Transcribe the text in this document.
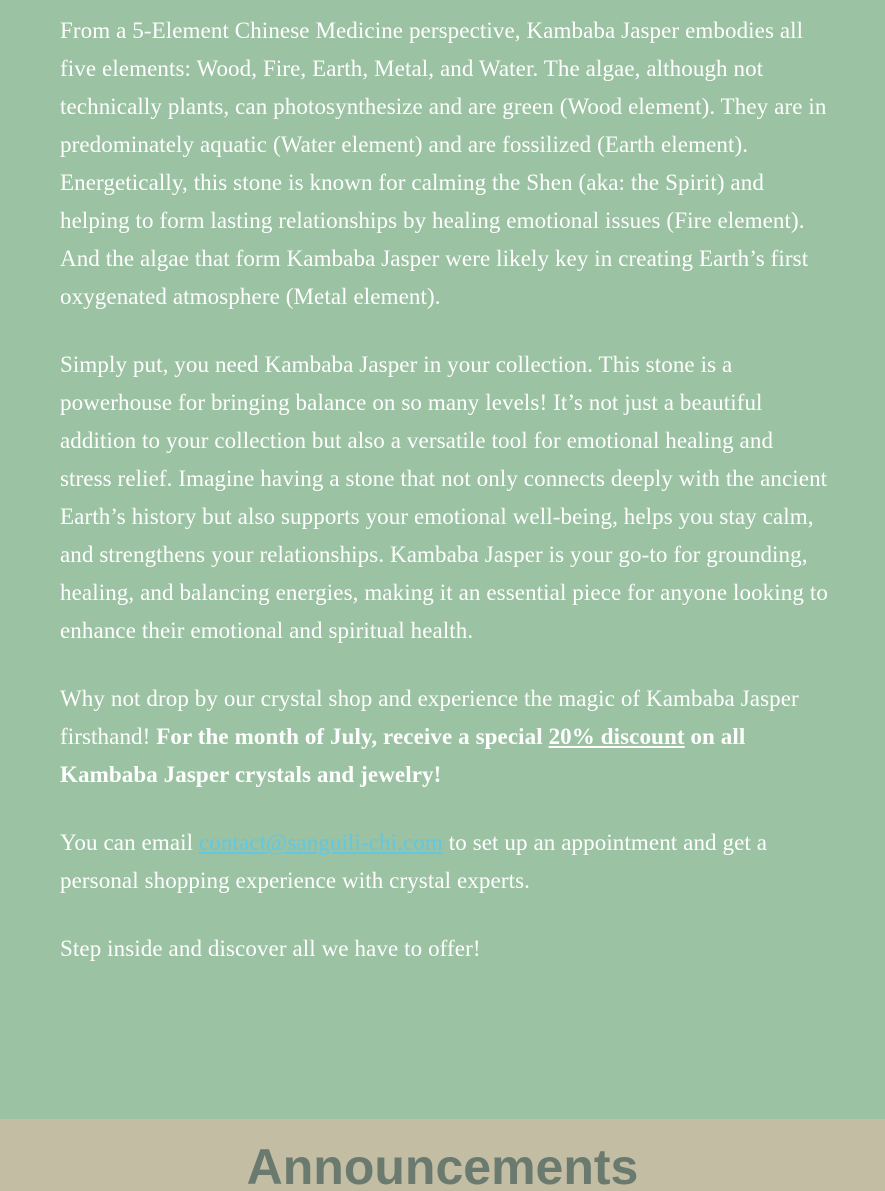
From a 5-Element Chinese Medicine perspective, Kambaba Jasper embodies all five elements: Wood, Fire, Earth, Metal, and Water. The algae, although not technically plants, can photosynthesize and are green (Wood element). They are in predominately aquatic (Water element) and are fossilized (Earth element). Energetically, this stone is known for calming the Shen (aka: the Spirit) and helping to form lasting relationships by healing emotional issues (Fire element). And the algae that form Kambaba Jasper were likely key in creating Earth’s first oxygenated atmosphere (Metal element).

Simply put, you need Kambaba Jasper in your collection. This stone is a powerhouse for bringing balance on so many levels! It’s not just a beautiful addition to your collection but also a versatile tool for emotional healing and stress relief. Imagine having a stone that not only connects deeply with the ancient Earth’s history but also supports your emotional well-being, helps you stay calm, and strengthens your relationships. Kambaba Jasper is your go-to for grounding, healing, and balancing energies, making it an essential piece for anyone looking to enhance their emotional and spiritual health.

Why not drop by our crystal shop and experience the magic of Kambaba Jasper firsthand! For the month of July, receive a special 20% discount on all Kambaba Jasper crystals and jewelry!

You can email contact@sanguili-chi.com to set up an appointment and get a personal shopping experience with crystal experts.

Step inside and discover all we have to offer!

Announcements
